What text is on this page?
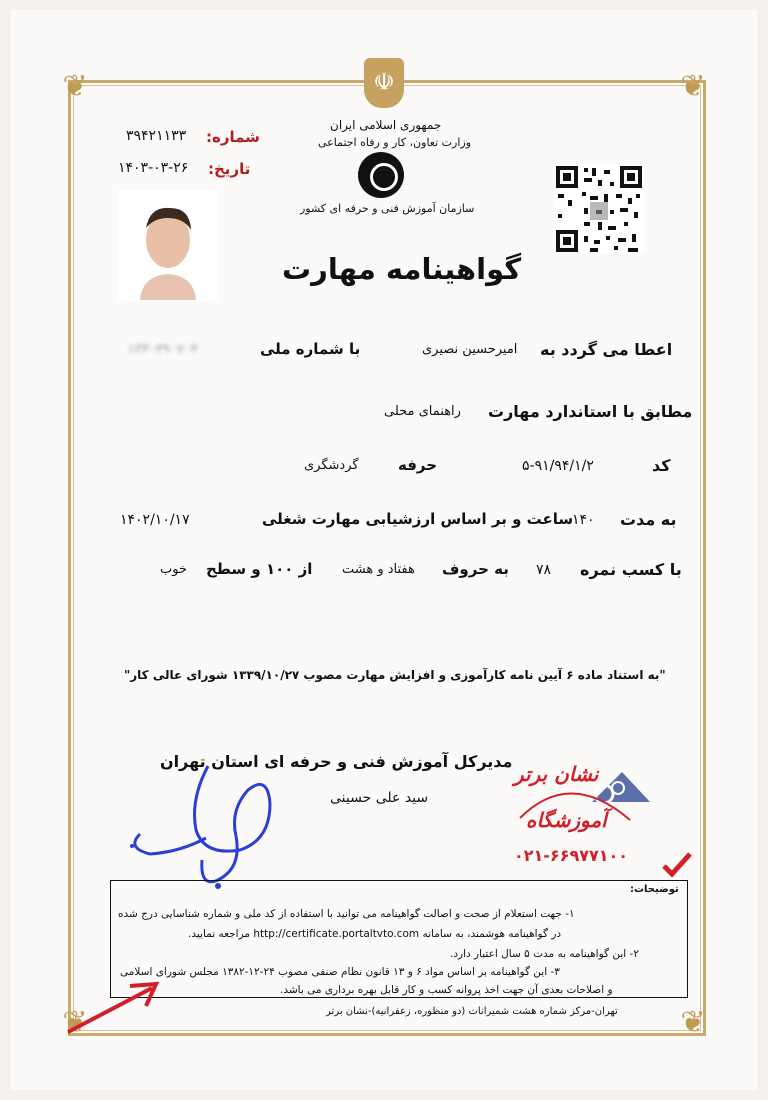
❦	❦
❦	❦
☫
جمهوری اسلامی ایران
وزارت تعاون، کار و رفاه اجتماعی
سازمان آموزش فنی و حرفه ای کشور
شماره:
۳۹۴۲۱۱۳۳
تاریخ:
۱۴۰۳-۰۳-۲۶
گواهینامه مهارت
اعطا می گردد به
امیرحسین نصیری
با شماره ملی
۱۳۳۰۳۹۰۷۰۴
مطابق با استاندارد مهارت
راهنمای محلی
کد
۵-۹۱/۹۴/۱/۲
حرفه
گردشگری
به مدت
۱۴۰
ساعت و بر اساس ارزشیابی مهارت شغلی
۱۴۰۲/۱۰/۱۷
با کسب نمره
۷۸
به حروف
هفتاد و هشت
از ۱۰۰ و سطح
خوب
"به استناد ماده ۶ آیین نامه کارآموزی و افزایش مهارت مصوب ۱۳۳۹/۱۰/۲۷ شورای عالی کار"
مدیرکل آموزش فنی و حرفه ای استان تهران
سید علی حسینی
نشان برتر
آموزشگاه
۰۲۱-۶۶۹۷۷۱۰۰
توضیحات:
۱- جهت استعلام از صحت و اصالت گواهینامه می توانید با استفاده از کد ملی و شماره شناسایی درج شده
در گواهینامه هوشمند، به سامانه http://certificate.portaltvto.com مراجعه نمایید.
۲- این گواهینامه به مدت ۵ سال اعتبار دارد.
۳- این گواهینامه بر اساس مواد ۶ و ۱۳ قانون نظام صنفی مصوب ۲۴-۱۲-۱۳۸۲ مجلس شورای اسلامی
و اصلاحات بعدی آن جهت اخذ پروانه کسب و کار قابل بهره برداری می باشد.
تهران-مرکز شماره هشت شمیرانات (دو منظوره، زعفرانیه)-نشان برتر
